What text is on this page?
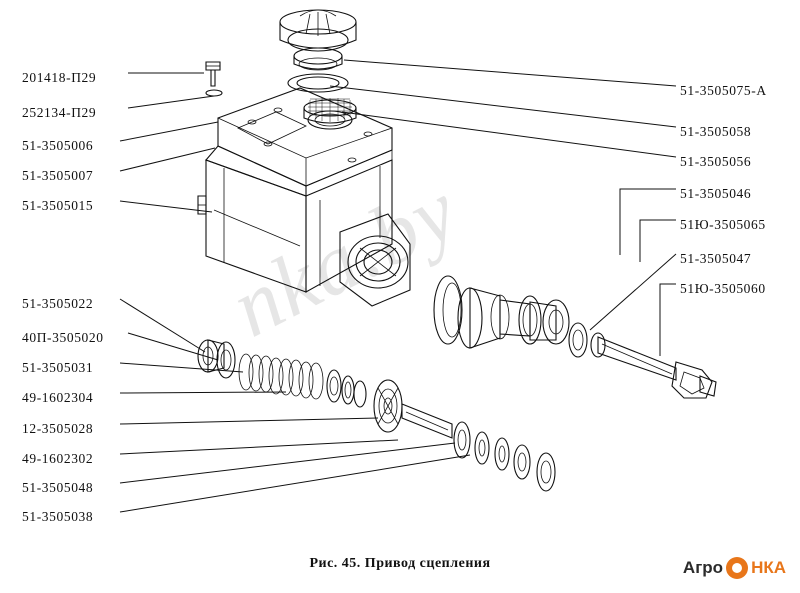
nka.by
201418-П29
252134-П29
51-3505006
51-3505007
51-3505015
51-3505022
40П-3505020
51-3505031
49-1602304
12-3505028
49-1602302
51-3505048
51-3505038
51-3505075-А
51-3505058
51-3505056
51-3505046
51Ю-3505065
51-3505047
51Ю-3505060
Рис. 45. Привод сцепления	Агро НКА
